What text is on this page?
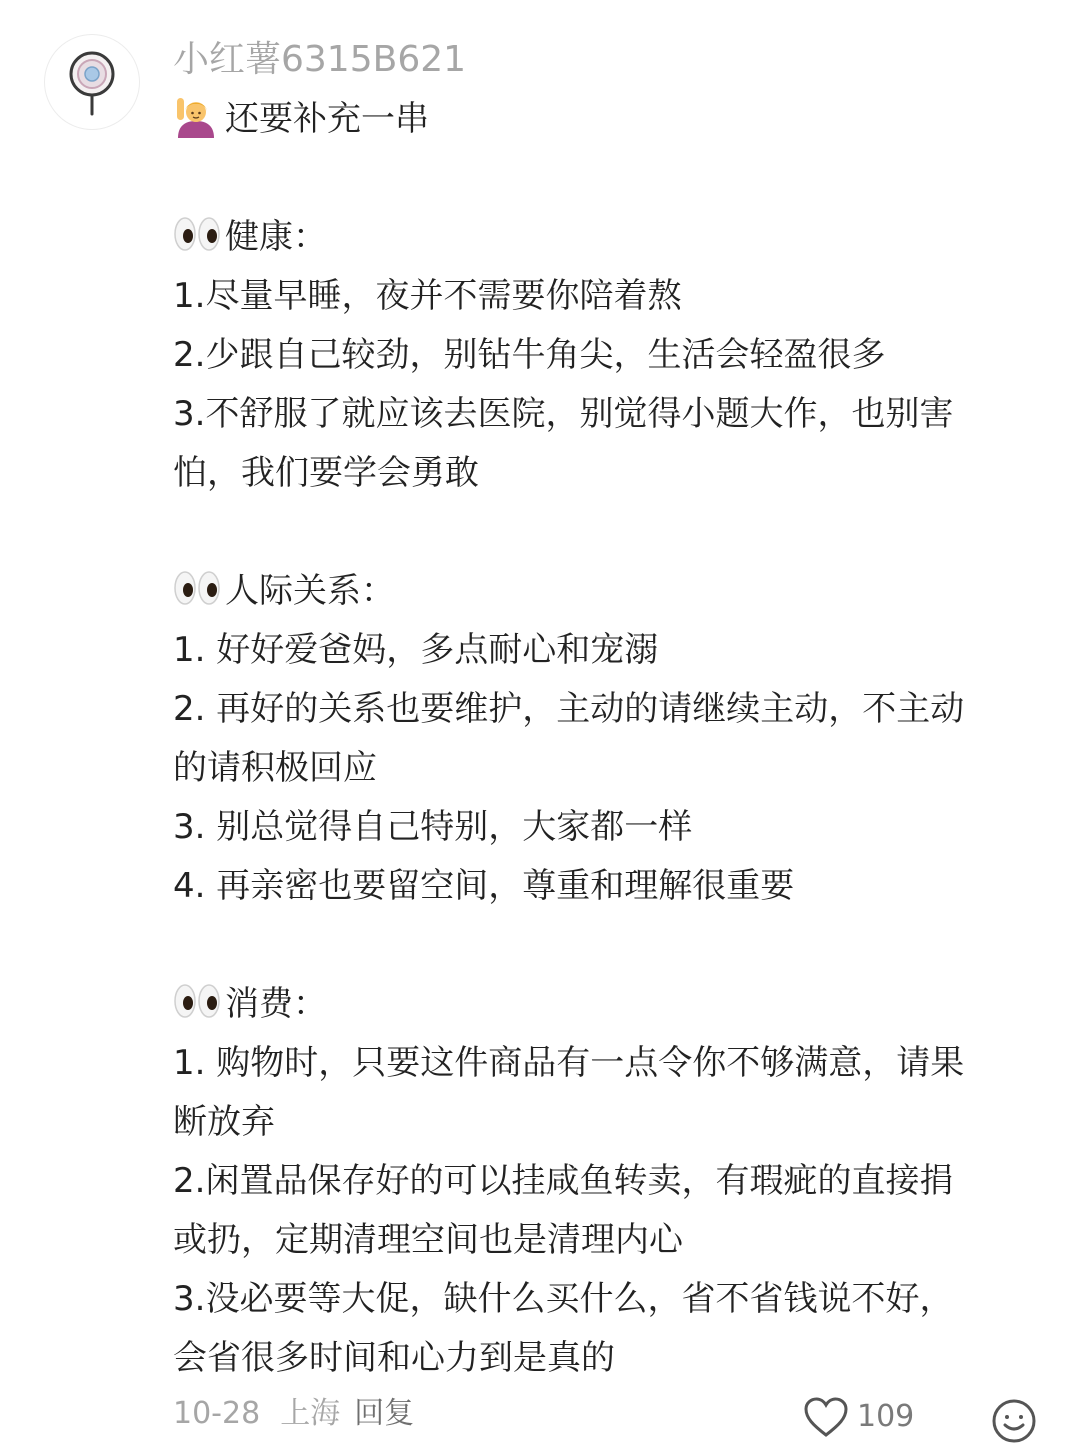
小红薯6315B621
还要补充一串
健康：
1.尽量早睡，夜并不需要你陪着熬
2.少跟自己较劲，别钻牛角尖，生活会轻盈很多
3.不舒服了就应该去医院，别觉得小题大作，也别害
怕，我们要学会勇敢
人际关系：
1. 好好爱爸妈，多点耐心和宠溺
2. 再好的关系也要维护，主动的请继续主动，不主动
的请积极回应
3. 别总觉得自己特别，大家都一样
4. 再亲密也要留空间，尊重和理解很重要
消费：
1. 购物时，只要这件商品有一点令你不够满意，请果
断放弃
2.闲置品保存好的可以挂咸鱼转卖，有瑕疵的直接捐
或扔，定期清理空间也是清理内心
3.没必要等大促，缺什么买什么，省不省钱说不好，
会省很多时间和心力到是真的
10-28 上海 回复	109
